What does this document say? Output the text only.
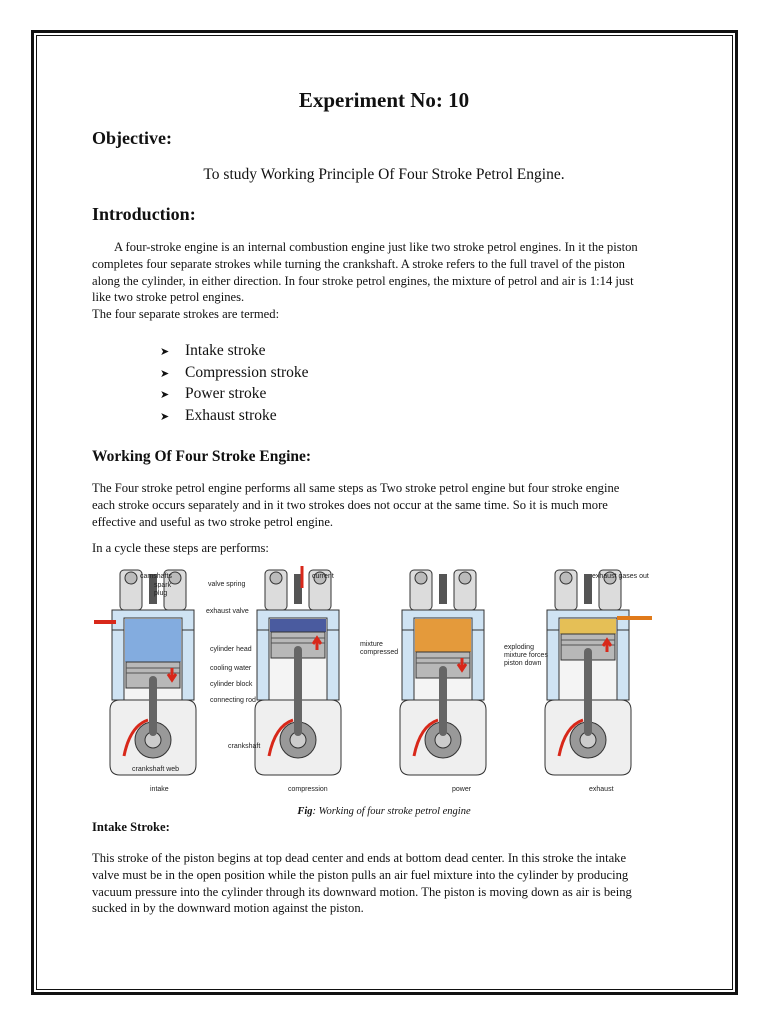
Experiment No: 10
Objective:
To study Working Principle Of Four Stroke Petrol Engine.
Introduction:

A four-stroke engine is an internal combustion engine just like two stroke petrol engines. In it the piston completes four separate strokes while turning the crankshaft. A stroke refers to the full travel of the piston along the cylinder, in either direction. In four stroke petrol engines, the mixture of petrol and air is 1:14 just like two stroke petrol engines.
The four separate strokes are termed:

➤ Intake stroke
➤ Compression stroke
➤ Power stroke
➤ Exhaust stroke
Working Of Four Stroke Engine:

The Four stroke petrol engine performs all same steps as Two stroke petrol engine but four stroke engine each stroke occurs separately and in it two strokes does not occur at the same time. So it is much more effective and useful as two stroke petrol engine.

In a cycle these steps are performs:

camshafts
spark
plug
valve spring
exhaust valve
cylinder head
cooling water
cylinder block
connecting rod
crankshaft
crankshaft web
current
mixture
compressed
exploding
mixture forces
piston down
exhaust gases out
intake	compression	power	exhaust
Fig: Working of four stroke petrol engine
Intake Stroke:

This stroke of the piston begins at top dead center and ends at bottom dead center. In this stroke the intake valve must be in the open position while the piston pulls an air fuel mixture into the cylinder by producing vacuum pressure into the cylinder through its downward motion. The piston is moving down as air is being sucked in by the downward motion against the piston.
